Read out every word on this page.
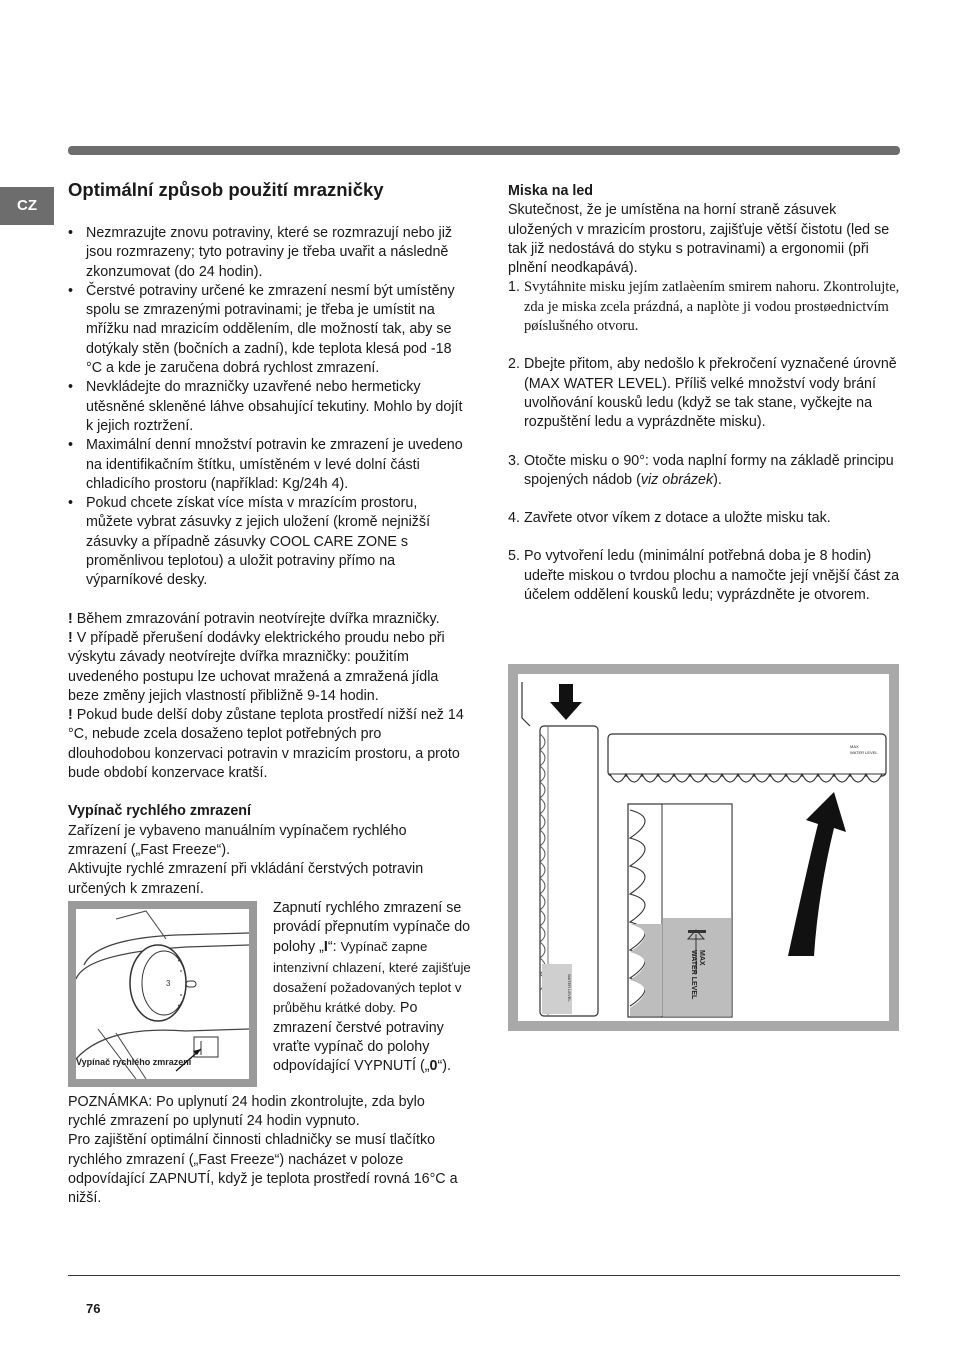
CZ
Optimální způsob použití mrazničky
• Nezmrazujte znovu potraviny, které se rozmrazují nebo již jsou rozmrazeny; tyto potraviny je třeba uvařit a následně zkonzumovat (do 24 hodin).
• Čerstvé potraviny určené ke zmrazení nesmí být umístěny spolu se zmrazenými potravinami; je třeba je umístit na mřížku nad mrazicím oddělením, dle možností tak, aby se dotýkaly stěn (bočních a zadní), kde teplota klesá pod -18 °C a kde je zaručena dobrá rychlost zmrazení.
• Nevkládejte do mrazničky uzavřené nebo hermeticky utěsněné skleněné láhve obsahující tekutiny. Mohlo by dojít k jejich roztržení.
• Maximální denní množství potravin ke zmrazení je uvedeno na identifikačním štítku, umístěném v levé dolní části chladicího prostoru (například: Kg/24h 4).
• Pokud chcete získat více místa v mrazícím prostoru, můžete vybrat zásuvky z jejich uložení (kromě nejnižší zásuvky a případně zásuvky COOL CARE ZONE s proměnlivou teplotou) a uložit potraviny přímo na výparníkové desky.

! Během zmrazování potravin neotvírejte dvířka mrazničky.

! V případě přerušení dodávky elektrického proudu nebo při výskytu závady neotvírejte dvířka mrazničky: použitím uvedeného postupu lze uchovat mražená a zmražená jídla beze změny jejich vlastností přibližně 9-14 hodin.

! Pokud bude delší doby zůstane teplota prostředí nižší než 14 °C, nebude zcela dosaženo teplot potřebných pro dlouhodobou konzervaci potravin v mrazicím prostoru, a proto bude období konzervace kratší.

Vypínač rychlého zmrazení

Zařízení je vybaveno manuálním vypínačem rychlého zmrazení („Fast Freeze“).

Aktivujte rychlé zmrazení při vkládání čerstvých potravin určených k zmrazení.

3
Vypínač rychlého zmrazení
Zapnutí rychlého zmrazení se provádí přepnutím vypínače do polohy „I“: Vypínač zapne intenzivní chlazení, které zajišťuje dosažení požadovaných teplot v průběhu krátké doby. Po zmrazení čerstvé potraviny vraťte vypínač do polohy odpovídající VYPNUTÍ („0“).

POZNÁMKA: Po uplynutí 24 hodin zkontrolujte, zda bylo rychlé zmrazení po uplynutí 24 hodin vypnuto.

Pro zajištění optimální činnosti chladničky se musí tlačítko rychlého zmrazení („Fast Freeze“) nacházet v poloze odpovídající ZAPNUTÍ, když je teplota prostředí rovná 16°C a nižší.

Miska na led

Skutečnost, že je umístěna na horní straně zásuvek uložených v mrazicím prostoru, zajišťuje větší čistotu (led se tak již nedostává do styku s potravinami) a ergonomii (při plnění neodkapává).

1. Svytáhnite misku jejím zatlaèením smirem nahoru. Zkontrolujte, zda je miska zcela prázdná, a naplòte ji vodou prostøednictvím pøíslušného otvoru.
2. Dbejte přitom, aby nedošlo k překročení vyznačené úrovně (MAX WATER LEVEL). Příliš velké množství vody brání uvolňování kousků ledu (když se tak stane, vyčkejte na rozpuštění ledu a vyprázdněte misku).
3. Otočte misku o 90°: voda naplní formy na základě principu spojených nádob (viz obrázek).
4. Zavřete otvor víkem z dotace a uložte misku tak.
5. Po vytvoření ledu (minimální potřebná doba je 8 hodin) udeřte miskou o tvrdou plochu a namočte její vnější část za účelem oddělení kousků ledu; vyprázdněte je otvorem.
MAX
WATER LEVEL
MAX
WATER LEVEL
WATER LEVEL
76
